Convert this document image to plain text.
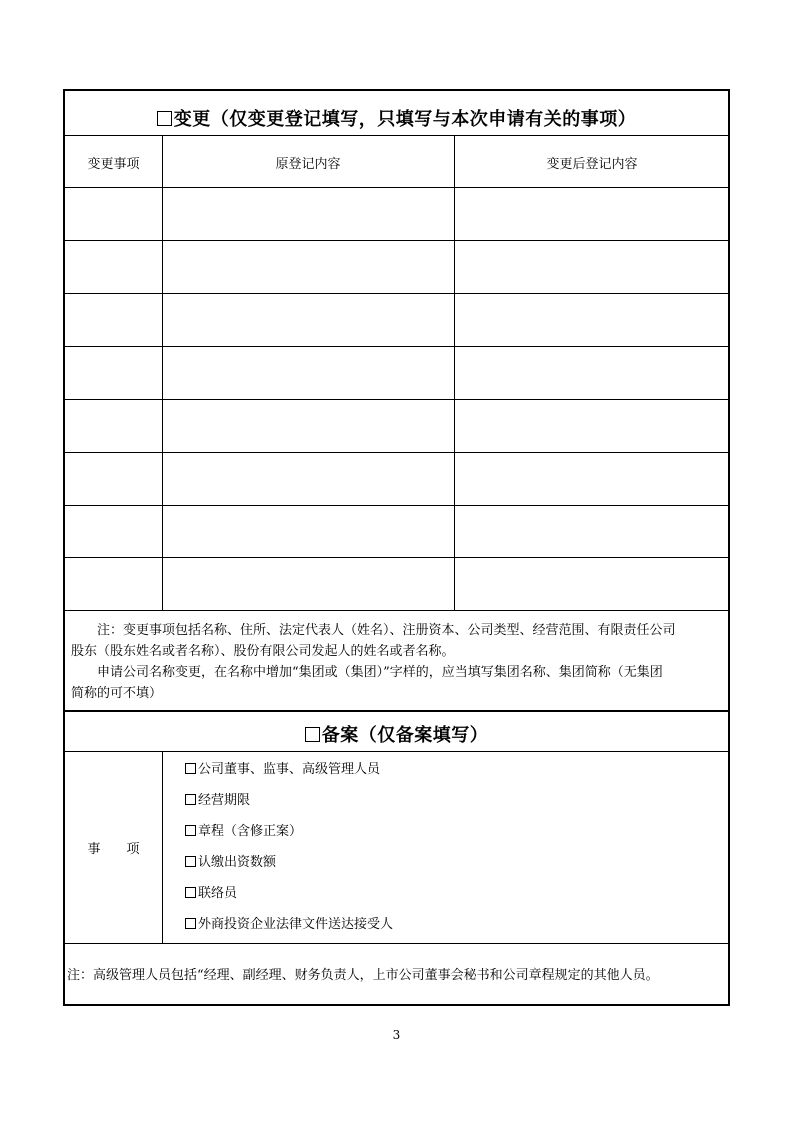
变更（仅变更登记填写，只填写与本次申请有关的事项）
变更事项	原登记内容	变更后登记内容

注：变更事项包括名称、住所、法定代表人（姓名）、注册资本、公司类型、经营范围、有限责任公司

股东（股东姓名或者名称）、股份有限公司发起人的姓名或者名称。

申请公司名称变更，在名称中增加“集团或（集团）”字样的，应当填写集团名称、集团简称（无集团

简称的可不填）

备案（仅备案填写）
事　　项
公司董事、监事、高级管理人员
经营期限
章程（含修正案）
认缴出资数额
联络员
外商投资企业法律文件送达接受人
注：高级管理人员包括“经理、副经理、财务负责人，上市公司董事会秘书和公司章程规定的其他人员。
3
